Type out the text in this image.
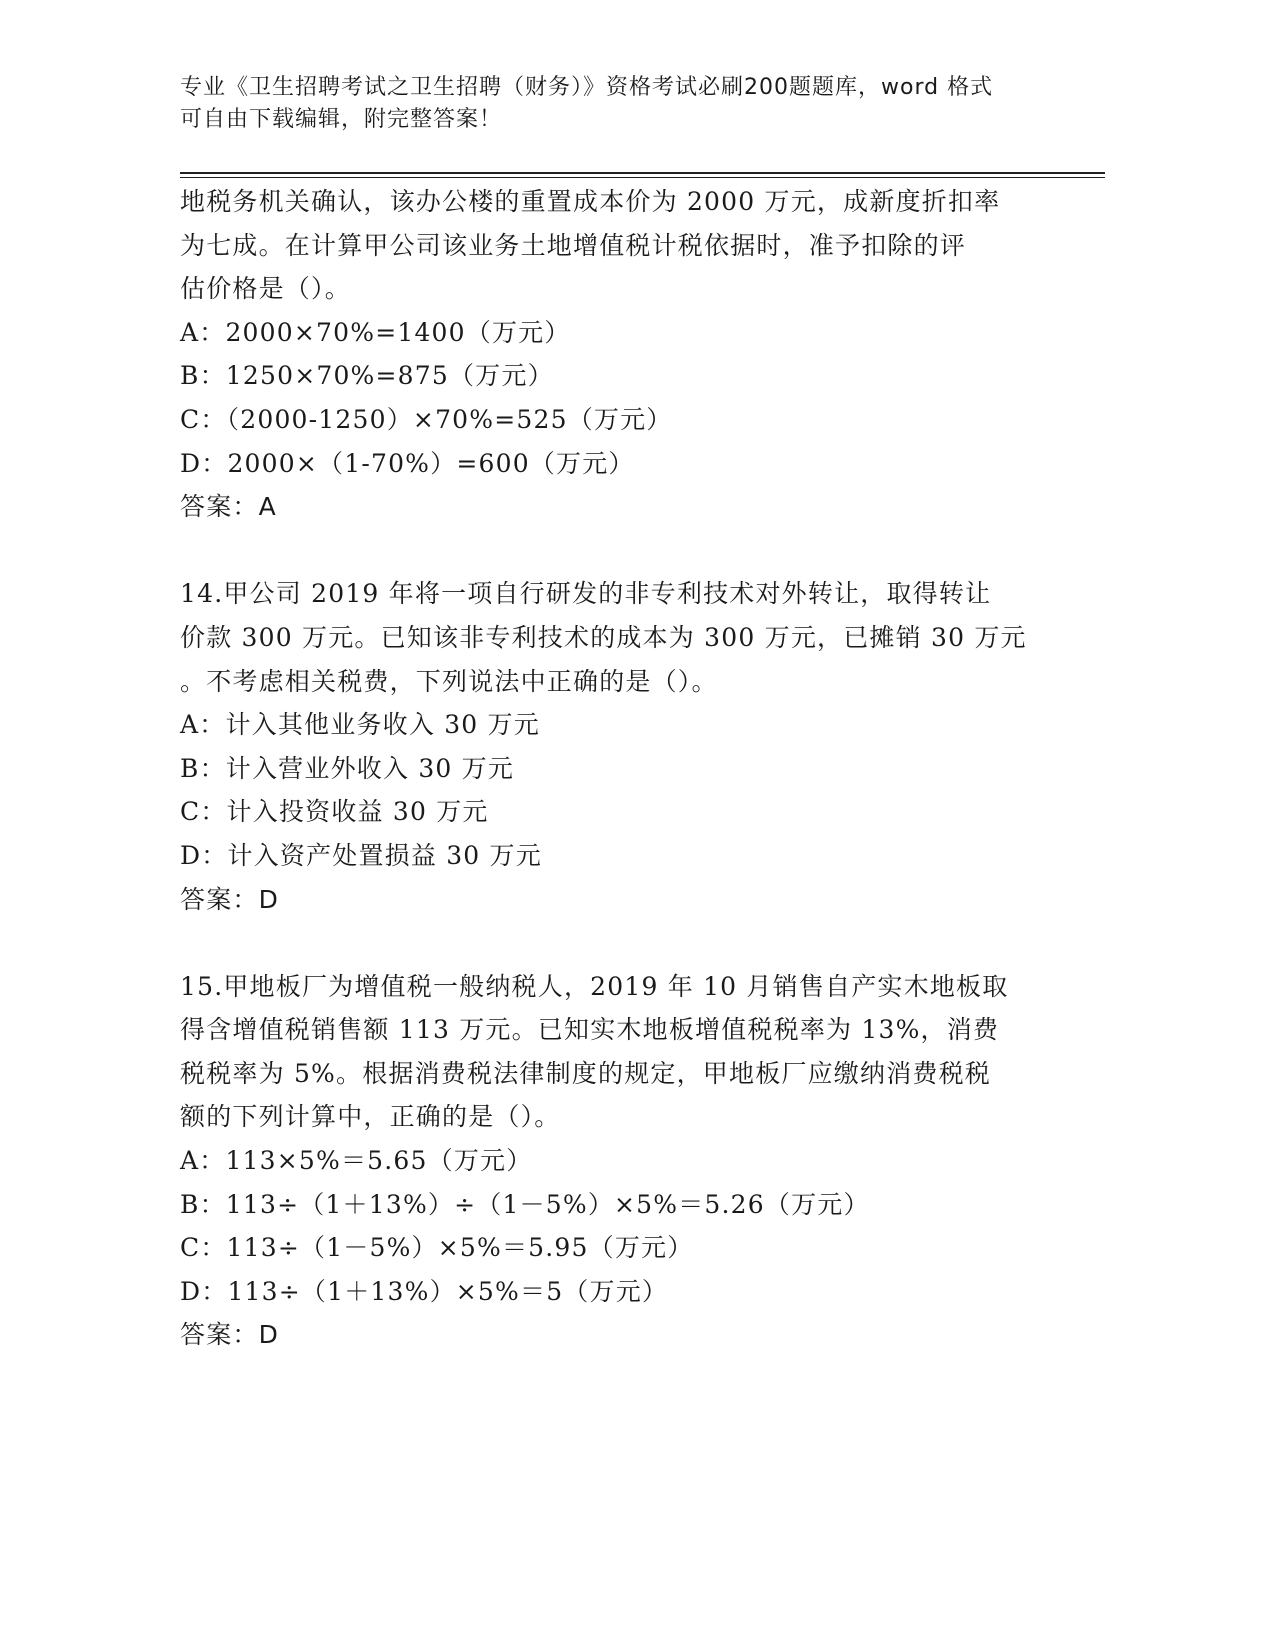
专业《卫生招聘考试之卫生招聘（财务）》资格考试必刷200题题库，word 格式
可自由下载编辑，附完整答案！
地税务机关确认，该办公楼的重置成本价为 2000 万元，成新度折扣率
为七成。在计算甲公司该业务土地增值税计税依据时，准予扣除的评
估价格是（）。
A：2000×70%=1400（万元）
B：1250×70%=875（万元）
C：（2000-1250）×70%=525（万元）
D：2000×（1-70%）=600（万元）
答案：A
14.甲公司 2019 年将一项自行研发的非专利技术对外转让，取得转让
价款 300 万元。已知该非专利技术的成本为 300 万元，已摊销 30 万元
。不考虑相关税费，下列说法中正确的是（）。
A：计入其他业务收入 30 万元
B：计入营业外收入 30 万元
C：计入投资收益 30 万元
D：计入资产处置损益 30 万元
答案：D
15.甲地板厂为增值税一般纳税人，2019 年 10 月销售自产实木地板取
得含增值税销售额 113 万元。已知实木地板增值税税率为 13%，消费
税税率为 5%。根据消费税法律制度的规定，甲地板厂应缴纳消费税税
额的下列计算中，正确的是（）。
A：113×5%＝5.65（万元）
B：113÷（1＋13%）÷（1－5%）×5%＝5.26（万元）
C：113÷（1－5%）×5%＝5.95（万元）
D：113÷（1＋13%）×5%＝5（万元）
答案：D
